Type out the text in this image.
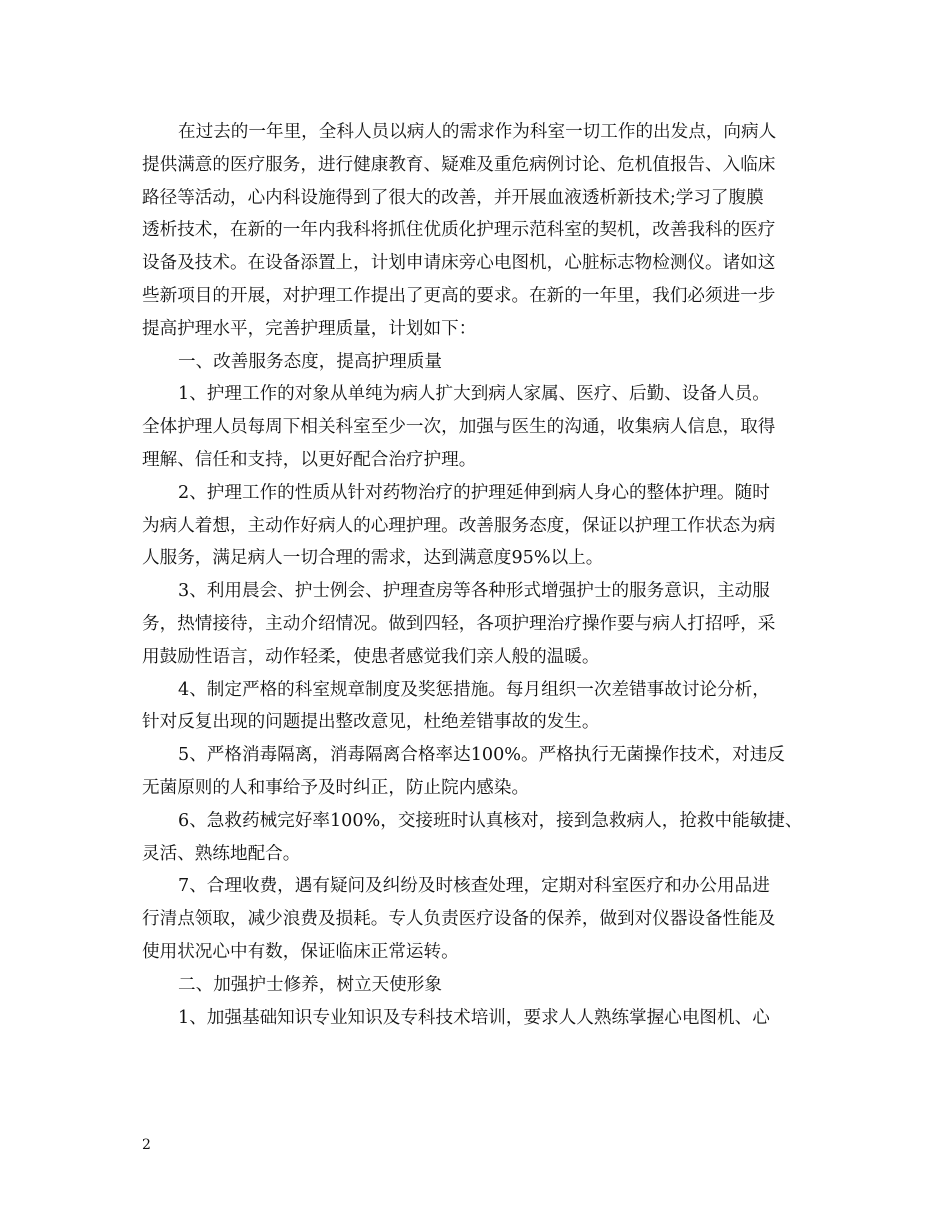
在过去的一年里，全科人员以病人的需求作为科室一切工作的出发点，向病人
提供满意的医疗服务，进行健康教育、疑难及重危病例讨论、危机值报告、入临床
路径等活动，心内科设施得到了很大的改善，并开展血液透析新技术;学习了腹膜
透析技术，在新的一年内我科将抓住优质化护理示范科室的契机，改善我科的医疗
设备及技术。在设备添置上，计划申请床旁心电图机，心脏标志物检测仪。诸如这
些新项目的开展，对护理工作提出了更高的要求。在新的一年里，我们必须进一步
提高护理水平，完善护理质量，计划如下：
一、改善服务态度，提高护理质量
1、护理工作的对象从单纯为病人扩大到病人家属、医疗、后勤、设备人员。
全体护理人员每周下相关科室至少一次，加强与医生的沟通，收集病人信息，取得
理解、信任和支持，以更好配合治疗护理。
2、护理工作的性质从针对药物治疗的护理延伸到病人身心的整体护理。随时
为病人着想，主动作好病人的心理护理。改善服务态度，保证以护理工作状态为病
人服务，满足病人一切合理的需求，达到满意度95%以上。
3、利用晨会、护士例会、护理查房等各种形式增强护士的服务意识，主动服
务，热情接待，主动介绍情况。做到四轻，各项护理治疗操作要与病人打招呼，采
用鼓励性语言，动作轻柔，使患者感觉我们亲人般的温暖。
4、制定严格的科室规章制度及奖惩措施。每月组织一次差错事故讨论分析，
针对反复出现的问题提出整改意见，杜绝差错事故的发生。
5、严格消毒隔离，消毒隔离合格率达100%。严格执行无菌操作技术，对违反
无菌原则的人和事给予及时纠正，防止院内感染。
6、急救药械完好率100%，交接班时认真核对，接到急救病人，抢救中能敏捷、
灵活、熟练地配合。
7、合理收费，遇有疑问及纠纷及时核查处理，定期对科室医疗和办公用品进
行清点领取，减少浪费及损耗。专人负责医疗设备的保养，做到对仪器设备性能及
使用状况心中有数，保证临床正常运转。
二、加强护士修养，树立天使形象
1、加强基础知识专业知识及专科技术培训，要求人人熟练掌握心电图机、心
2
